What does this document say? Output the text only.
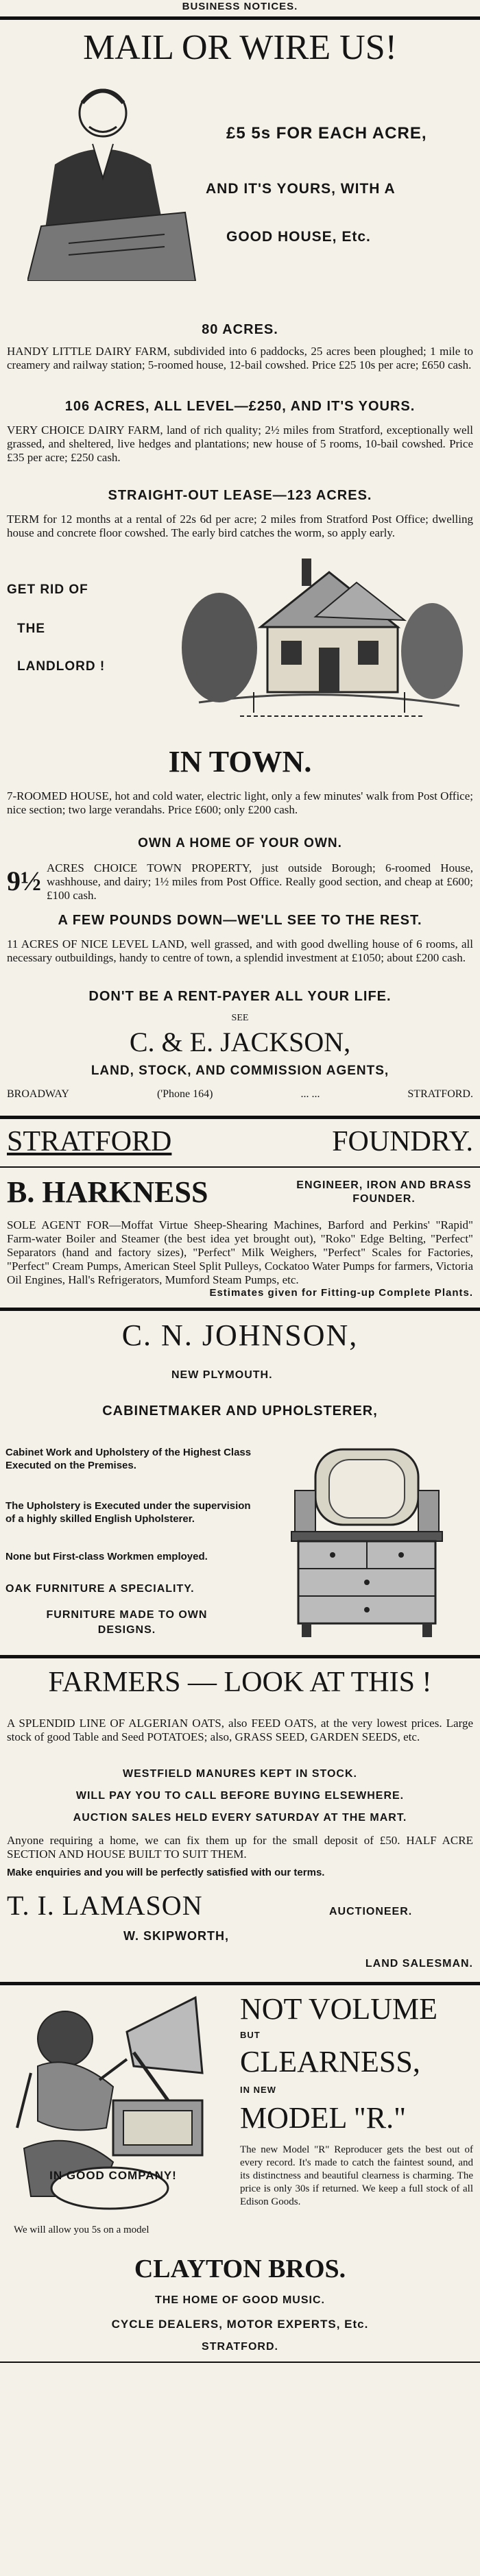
BUSINESS NOTICES.
MAIL OR WIRE US!
£5 5s FOR EACH ACRE,
AND IT'S YOURS, WITH A
GOOD HOUSE, Etc.
80 ACRES.
HANDY LITTLE DAIRY FARM, subdivided into 6 paddocks, 25 acres been ploughed; 1 mile to creamery and railway station; 5-roomed house, 12-bail cowshed. Price £25 10s per acre; £650 cash.
106 ACRES, ALL LEVEL—£250, AND IT'S YOURS.
VERY CHOICE DAIRY FARM, land of rich quality; 2½ miles from Stratford, exceptionally well grassed, and sheltered, live hedges and plantations; new house of 5 rooms, 10-bail cowshed. Price £35 per acre; £250 cash.
STRAIGHT-OUT LEASE—123 ACRES.
TERM for 12 months at a rental of 22s 6d per acre; 2 miles from Stratford Post Office; dwelling house and concrete floor cowshed. The early bird catches the worm, so apply early.
GET RID OF
THE
LANDLORD !
IN TOWN.
7-ROOMED HOUSE, hot and cold water, electric light, only a few minutes' walk from Post Office; nice section; two large verandahs. Price £600; only £200 cash.
OWN A HOME OF YOUR OWN.
9½ ACRES CHOICE TOWN PROPERTY, just outside Borough; 6-roomed House, washhouse, and dairy; 1½ miles from Post Office. Really good section, and cheap at £600; £100 cash.
A FEW POUNDS DOWN—WE'LL SEE TO THE REST.
11 ACRES OF NICE LEVEL LAND, well grassed, and with good dwelling house of 6 rooms, all necessary outbuildings, handy to centre of town, a splendid investment at £1050; about £200 cash.
DON'T BE A RENT-PAYER ALL YOUR LIFE.
SEE
C. & E. JACKSON,
LAND, STOCK, AND COMMISSION AGENTS,
BROADWAY	('Phone 164)	... ...	STRATFORD.
STRATFORD	FOUNDRY.
B. HARKNESS	ENGINEER, IRON AND BRASS FOUNDER.
SOLE AGENT FOR—Moffat Virtue Sheep-Shearing Machines, Barford and Perkins' "Rapid" Farm-water Boiler and Steamer (the best idea yet brought out), "Roko" Edge Belting, "Perfect" Separators (hand and factory sizes), "Perfect" Milk Weighers, "Perfect" Scales for Factories, "Perfect" Cream Pumps, American Steel Split Pulleys, Cockatoo Water Pumps for farmers, Victoria Oil Engines, Hall's Refrigerators, Mumford Steam Pumps, etc.
Estimates given for Fitting-up Complete Plants.
C. N. JOHNSON,
NEW PLYMOUTH.
CABINETMAKER AND UPHOLSTERER,
Cabinet Work and Upholstery of the Highest Class Executed on the Premises.
The Upholstery is Executed under the supervision of a highly skilled English Upholsterer.
None but First-class Workmen employed.
OAK FURNITURE A SPECIALITY.
FURNITURE MADE TO OWN
DESIGNS.
FARMERS — LOOK AT THIS !
A SPLENDID LINE OF ALGERIAN OATS, also FEED OATS, at the very lowest prices. Large stock of good Table and Seed POTATOES; also, GRASS SEED, GARDEN SEEDS, etc.
WESTFIELD MANURES KEPT IN STOCK.
WILL PAY YOU TO CALL BEFORE BUYING ELSEWHERE.
AUCTION SALES HELD EVERY SATURDAY AT THE MART.
Anyone requiring a home, we can fix them up for the small deposit of £50. HALF ACRE SECTION AND HOUSE BUILT TO SUIT THEM.
Make enquiries and you will be perfectly satisfied with our terms.
T. I. LAMASON	AUCTIONEER.
W. SKIPWORTH,
LAND SALESMAN.
IN GOOD COMPANY!
NOT VOLUME
BUT
CLEARNESS,
IN NEW
MODEL "R."
The new Model "R" Reproducer gets the best out of every record. It's made to catch the faintest sound, and its distinctness and beautiful clearness is charming. The price is only 30s if returned. We keep a full stock of all Edison Goods.
We will allow you 5s on a model
CLAYTON BROS.
THE HOME OF GOOD MUSIC.
CYCLE DEALERS, MOTOR EXPERTS, Etc.
STRATFORD.
